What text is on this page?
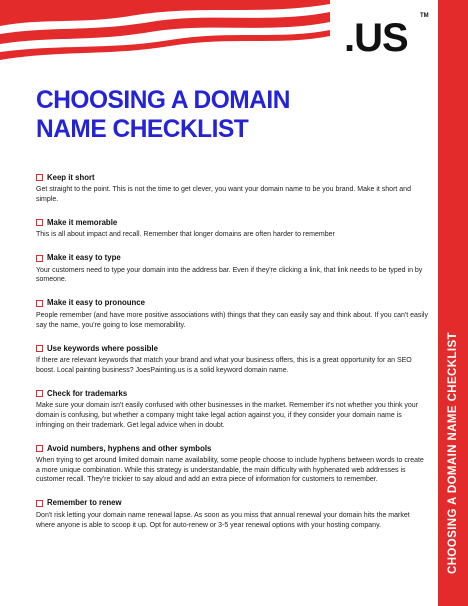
.US TM
CHOOSING A DOMAIN
NAME CHECKLIST
Keep it short

Get straight to the point. This is not the time to get clever, you want your domain name to be you brand. Make it short and simple.

Make it memorable

This is all about impact and recall. Remember that longer domains are often harder to remember

Make it easy to type

Your customers need to type your domain into the address bar. Even if they're clicking a link, that link needs to be typed in by someone.

Make it easy to pronounce

People remember (and have more positive associations with) things that they can easily say and think about. If you can't easily say the name, you're going to lose memorability.

Use keywords where possible

If there are relevant keywords that match your brand and what your business offers, this is a great opportunity for an SEO boost. Local painting business? JoesPainting.us is a solid keyword domain name.

Check for trademarks

Make sure your domain isn't easily confused with other businesses in the market. Remember it's not whether you think your domain is confusing, but whether a company might take legal action against you, if they consider your domain name is infringing on their trademark. Get legal advice when in doubt.

Avoid numbers, hyphens and other symbols

When trying to get around limited domain name availability, some people choose to include hyphens between words to create a more unique combination. While this strategy is understandable, the main difficulty with hyphenated web addresses is customer recall. They're trickier to say aloud and add an extra piece of information for customers to remember.

Remember to renew

Don't risk letting your domain name renewal lapse. As soon as you miss that annual renewal your domain hits the market where anyone is able to scoop it up. Opt for auto-renew or 3-5 year renewal options with your hosting company.	CHOOSING A DOMAIN NAME CHECKLIST
